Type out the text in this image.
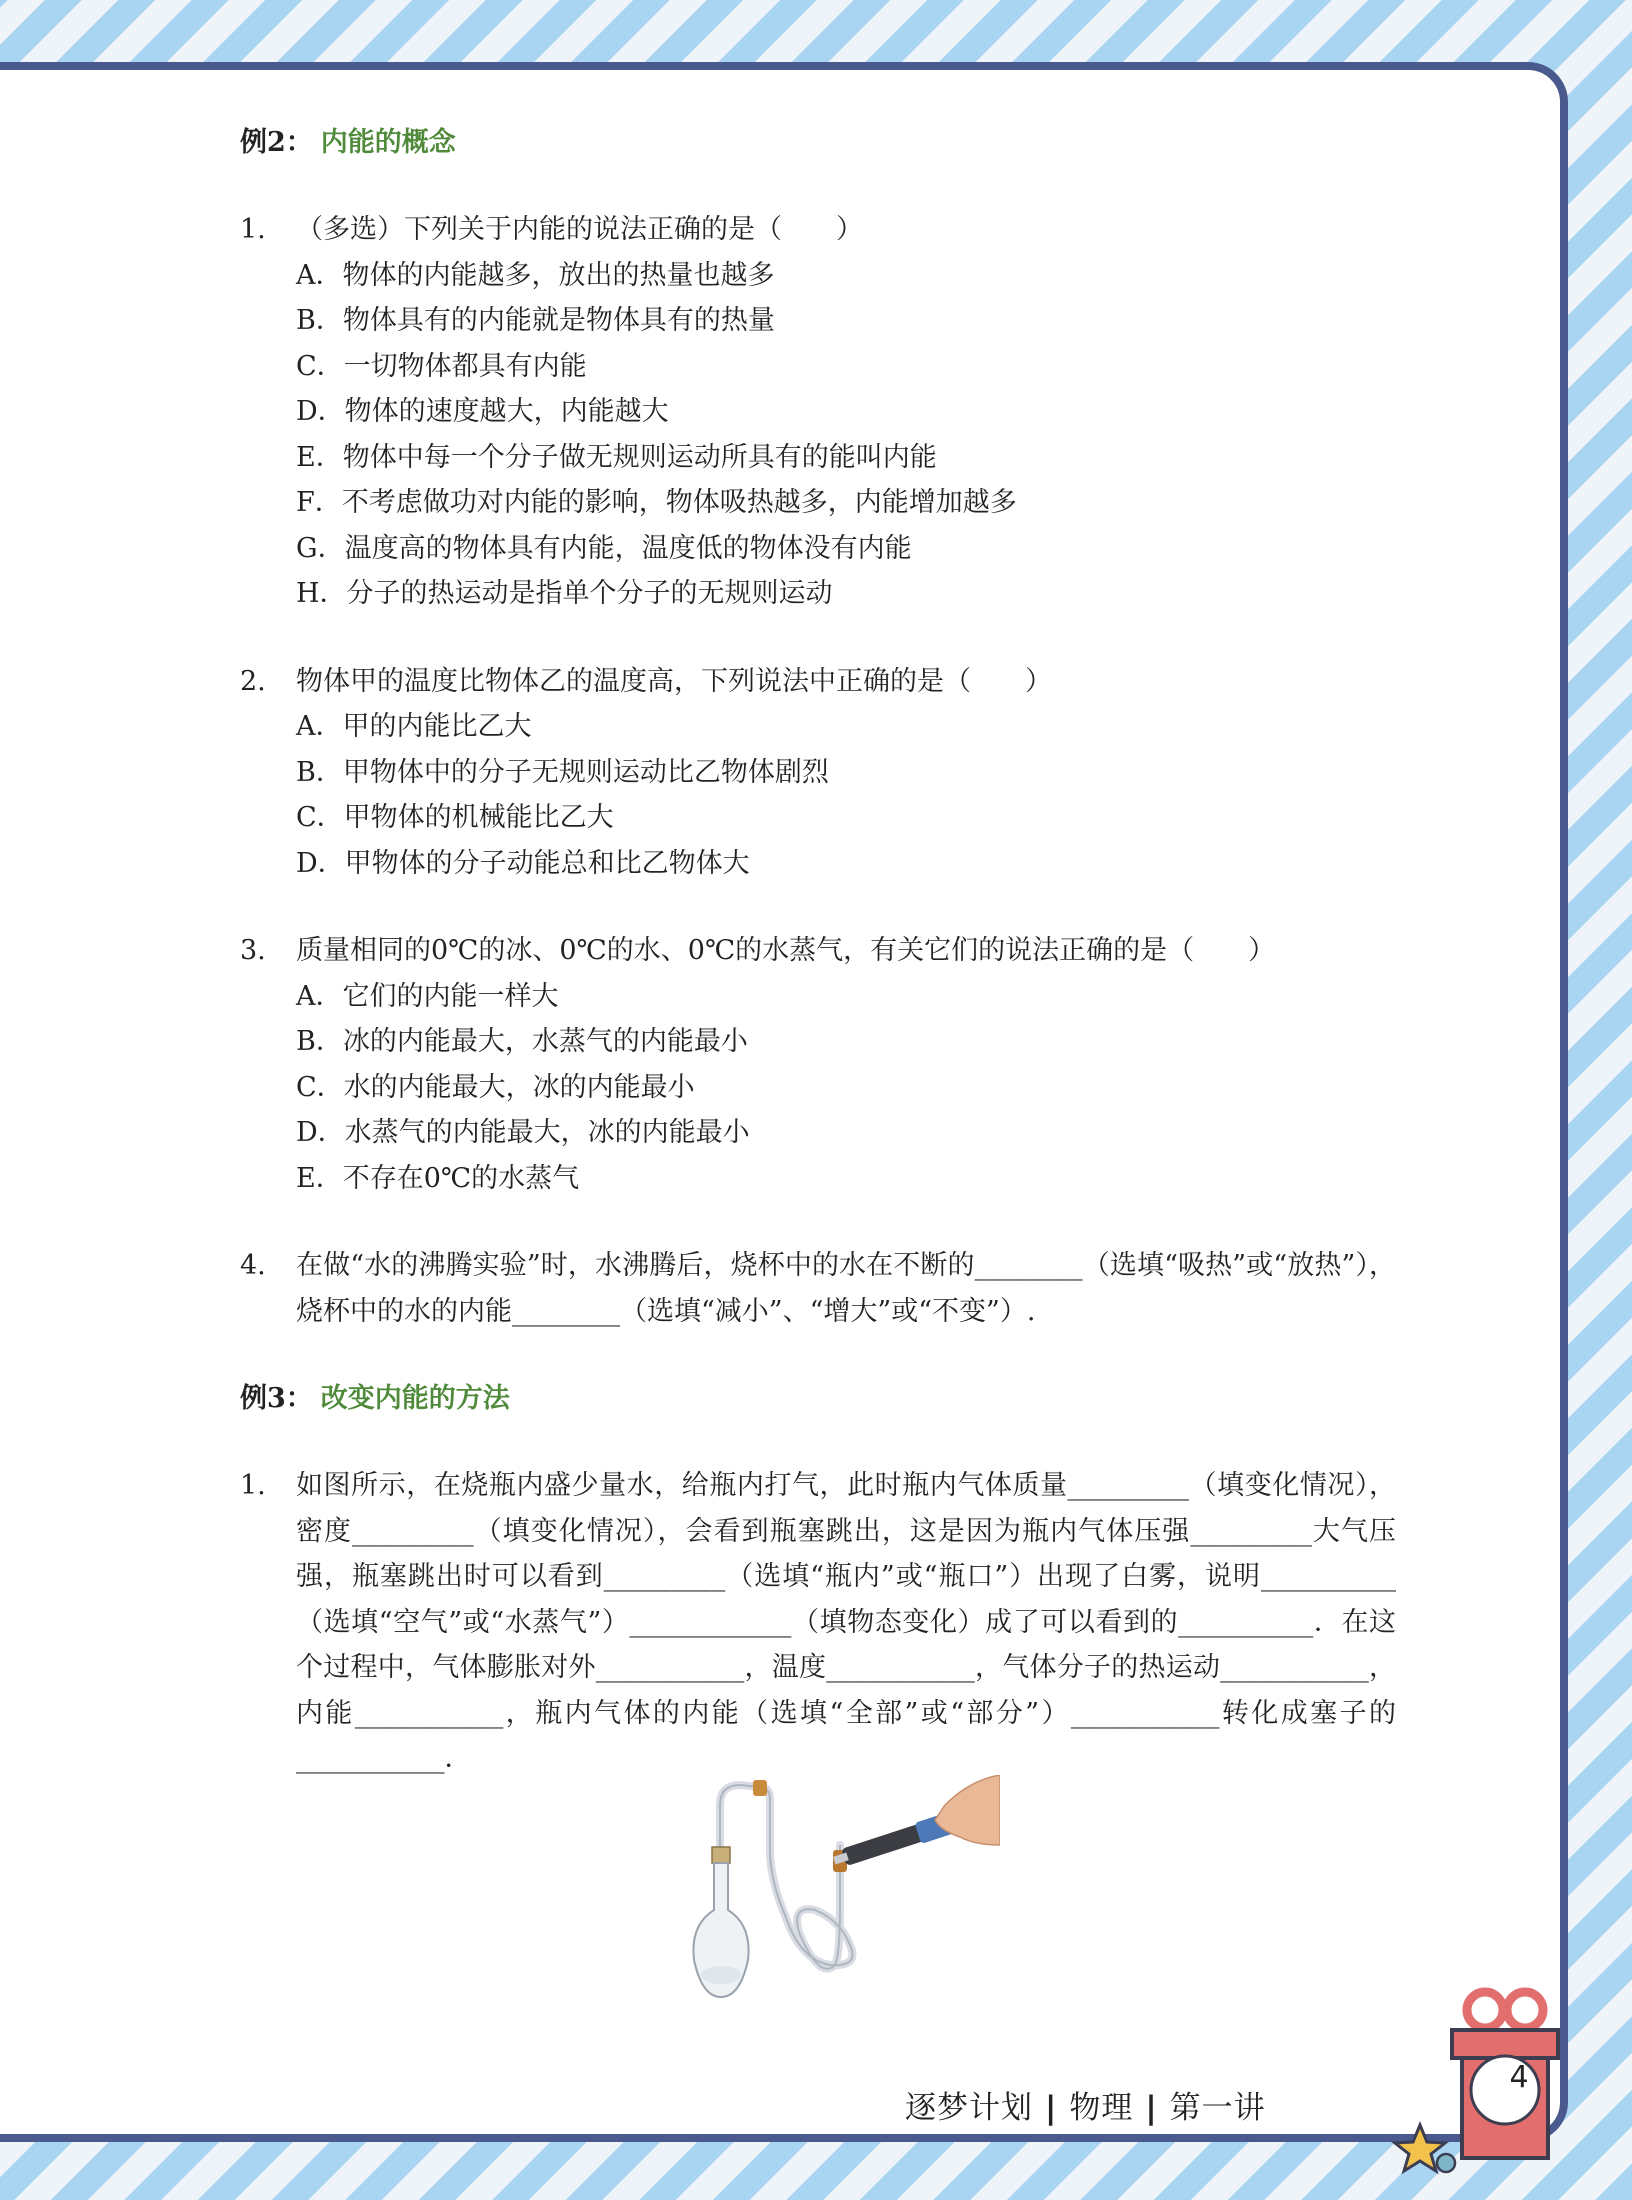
例2： 内能的概念

1.	（多选）下列关于内能的说法正确的是（　　）
A．物体的内能越多，放出的热量也越多
B．物体具有的内能就是物体具有的热量
C．一切物体都具有内能
D．物体的速度越大，内能越大
E．物体中每一个分子做无规则运动所具有的能叫内能
F．不考虑做功对内能的影响，物体吸热越多，内能增加越多
G．温度高的物体具有内能，温度低的物体没有内能
H．分子的热运动是指单个分子的无规则运动
2.	物体甲的温度比物体乙的温度高，下列说法中正确的是（　　）
A．甲的内能比乙大
B．甲物体中的分子无规则运动比乙物体剧烈
C．甲物体的机械能比乙大
D．甲物体的分子动能总和比乙物体大
3.	质量相同的0℃的冰、0℃的水、0℃的水蒸气，有关它们的说法正确的是（　　）
A．它们的内能一样大
B．冰的内能最大，水蒸气的内能最小
C．水的内能最大，冰的内能最小
D．水蒸气的内能最大，冰的内能最小
E．不存在0℃的水蒸气
4.	在做“水的沸腾实验”时，水沸腾后，烧杯中的水在不断的________（选填“吸热”或“放热”），烧杯中的水的内能________（选填“减小”、“增大”或“不变”）.

例3： 改变内能的方法

1.	如图所示，在烧瓶内盛少量水，给瓶内打气，此时瓶内气体质量_________（填变化情况），密度_________（填变化情况），会看到瓶塞跳出，这是因为瓶内气体压强_________大气压强，瓶塞跳出时可以看到_________（选填“瓶内”或“瓶口”）出现了白雾，说明__________（选填“空气”或“水蒸气”）____________（填物态变化）成了可以看到的__________．在这个过程中，气体膨胀对外___________，温度___________，气体分子的热运动___________，内能___________，瓶内气体的内能（选填“全部”或“部分”）___________转化成塞子的___________．
逐梦计划 | 物理 | 第一讲
4
